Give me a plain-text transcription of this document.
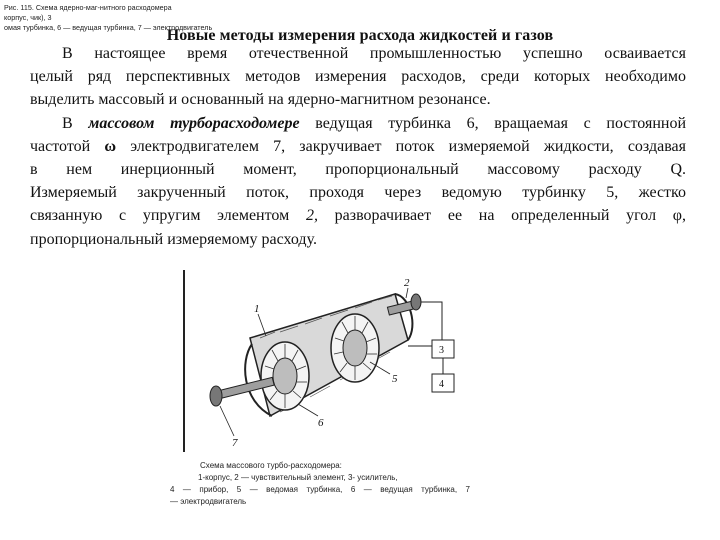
Рис. 115. Схема ядерно-маг-нитного расходомера
корпус, чик), 3
омая турбинка, 6 — ведущая турбинка, 7 — электродвигатель
Новые методы измерения расхода жидкостей и газов
В настоящее время отечественной промышленностью успешно осваивается
целый ряд перспективных методов измерения расходов, среди которых необходимо
выделить массовый и основанный на ядерно-магнитном резонансе.
В массовом турборасходомере ведущая турбинка 6, вращаемая с постоянной
частотой ω электродвигателем 7, закручивает поток измеряемой жидкости, создавая
в нем инерционный момент, пропорциональный массовому расходу Q.
Измеряемый закрученный поток, проходя через ведомую турбинку 5, жестко
связанную с упругим элементом 2, разворачивает ее на определенный угол φ,
пропорциональный измеряемому расходу.
1
2
3
4
5
6
7
Схема массового турбо-расходомера:
1-корпус, 2 — чувствительный элемент, 3- усилитель,
4 — прибор, 5 — ведомая турбинка, 6 — ведущая турбинка, 7
— электродвигатель
